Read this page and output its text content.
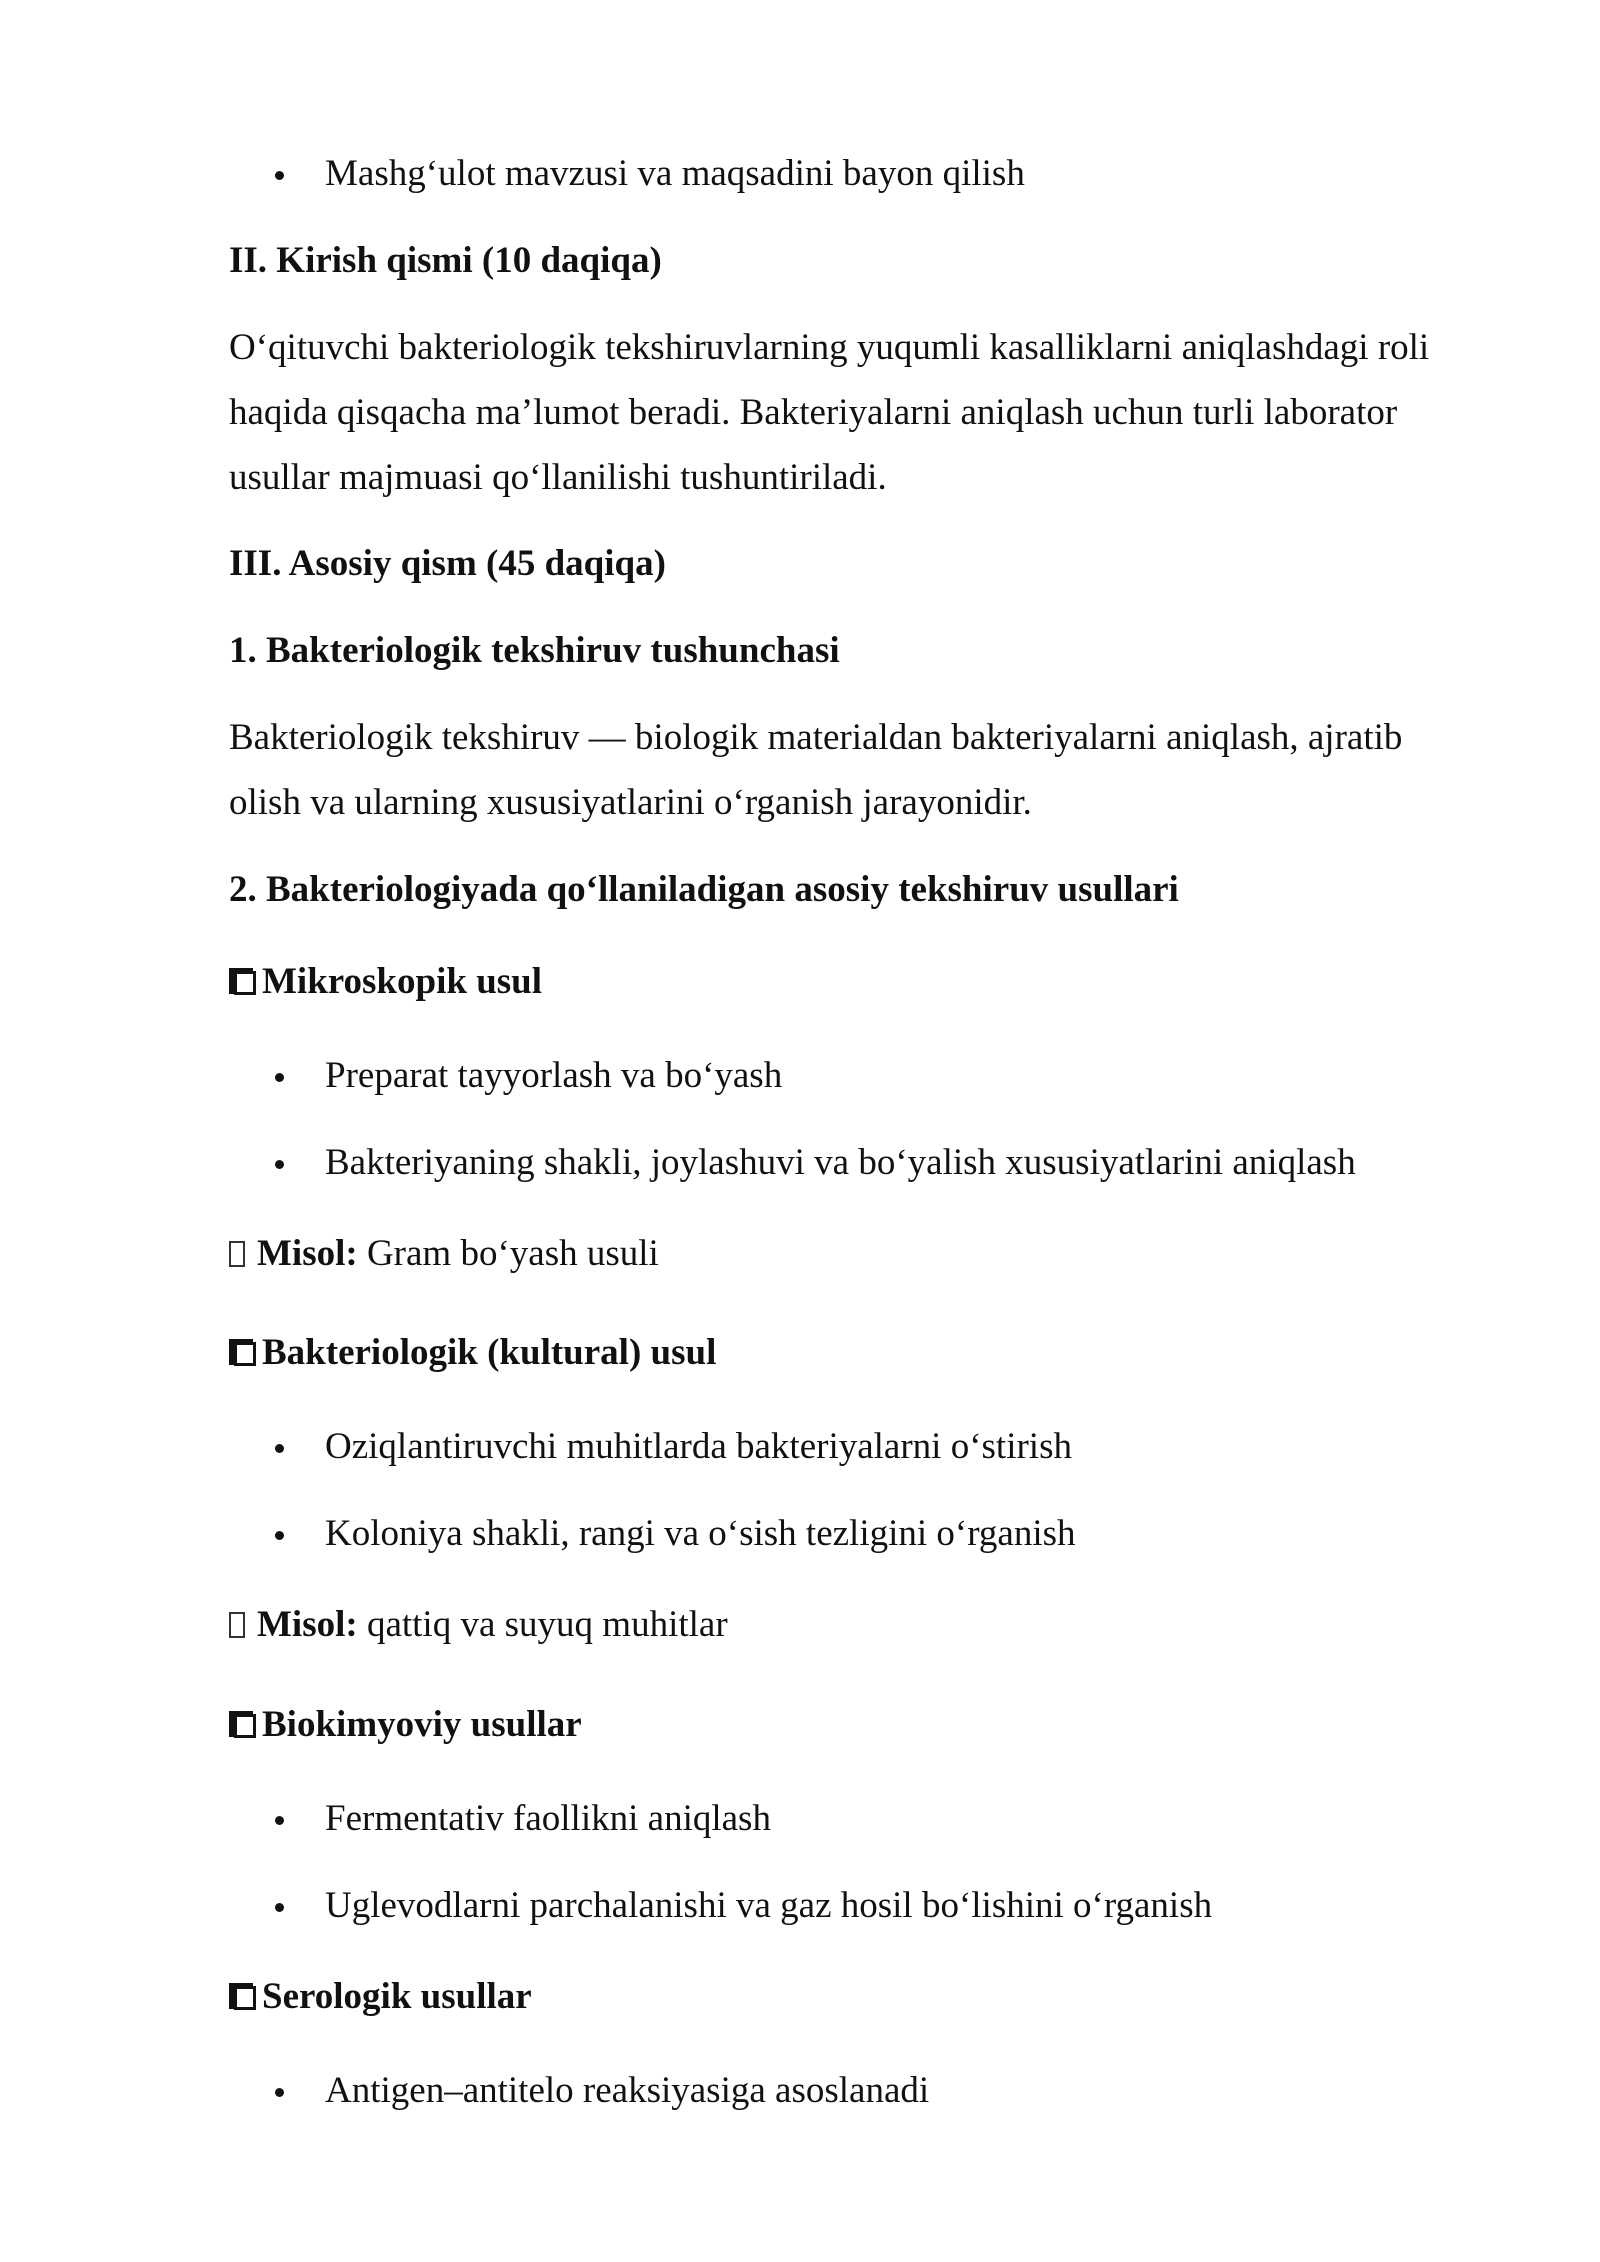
Mashg‘ulot mavzusi va maqsadini bayon qilish
II. Kirish qismi (10 daqiqa)
O‘qituvchi bakteriologik tekshiruvlarning yuqumli kasalliklarni aniqlashdagi roli
haqida qisqacha ma’lumot beradi. Bakteriyalarni aniqlash uchun turli laborator
usullar majmuasi qo‘llanilishi tushuntiriladi.
III. Asosiy qism (45 daqiqa)
1. Bakteriologik tekshiruv tushunchasi
Bakteriologik tekshiruv — biologik materialdan bakteriyalarni aniqlash, ajratib
olish va ularning xususiyatlarini o‘rganish jarayonidir.
2. Bakteriologiyada qo‘llaniladigan asosiy tekshiruv usullari
Mikroskopik usul
Preparat tayyorlash va bo‘yash
Bakteriyaning shakli, joylashuvi va bo‘yalish xususiyatlarini aniqlash
Misol: Gram bo‘yash usuli
Bakteriologik (kultural) usul
Oziqlantiruvchi muhitlarda bakteriyalarni o‘stirish
Koloniya shakli, rangi va o‘sish tezligini o‘rganish
Misol: qattiq va suyuq muhitlar
Biokimyoviy usullar
Fermentativ faollikni aniqlash
Uglevodlarni parchalanishi va gaz hosil bo‘lishini o‘rganish
Serologik usullar
Antigen–antitelo reaksiyasiga asoslanadi
